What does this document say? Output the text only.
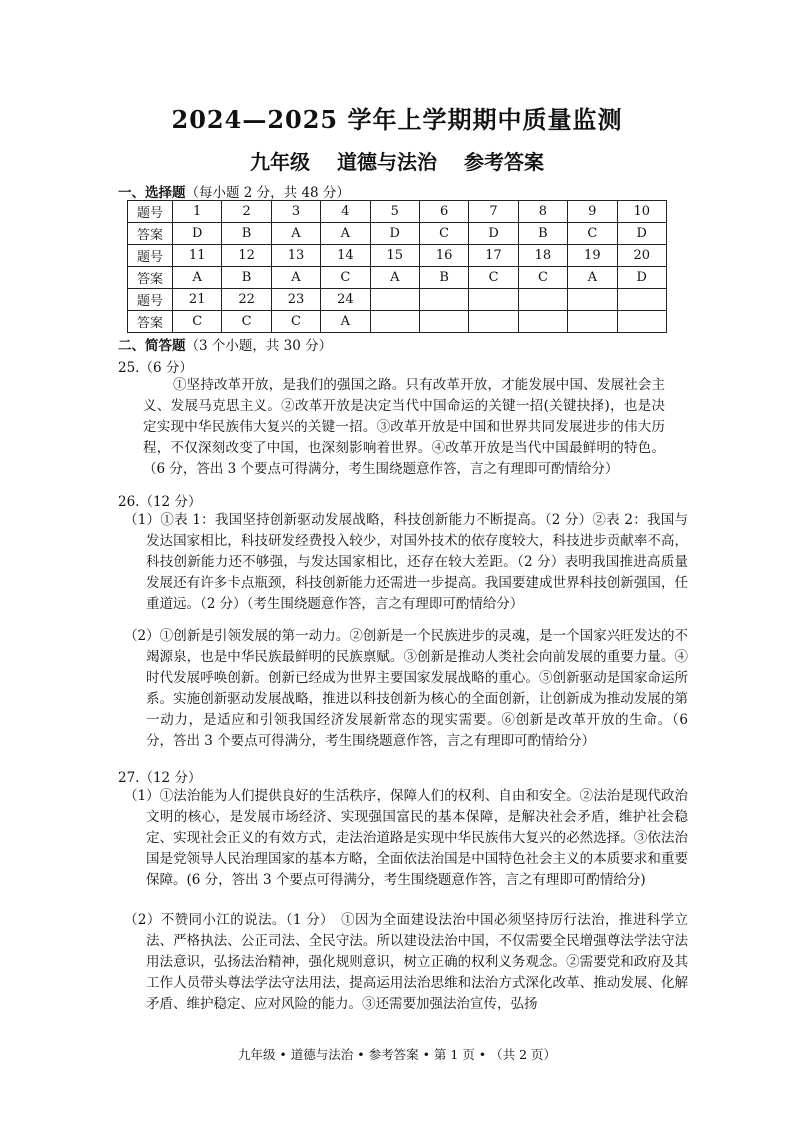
2024—2025 学年上学期期中质量监测
九年级 道德与法治 参考答案
一、选择题（每小题 2 分，共 48 分）
题号	1	2	3	4	5	6	7	8	9	10
答案	D	B	A	A	D	C	D	B	C	D
题号	11	12	13	14	15	16	17	18	19	20
答案	A	B	A	C	A	B	C	C	A	D
题号	21	22	23	24						
答案	C	C	C	A						
二、简答题（3 个小题，共 30 分）
25.（6 分）
①坚持改革开放，是我们的强国之路。只有改革开放，才能发展中国、发展社会主义、发展马克思主义。②改革开放是决定当代中国命运的关键一招(关键抉择)，也是决定实现中华民族伟大复兴的关键一招。③改革开放是中国和世界共同发展进步的伟大历程，不仅深刻改变了中国，也深刻影响着世界。④改革开放是当代中国最鲜明的特色。（6 分，答出 3 个要点可得满分，考生围绕题意作答，言之有理即可酌情给分）
26.（12 分）
（1）①表 1：我国坚持创新驱动发展战略，科技创新能力不断提高。（2 分）②表 2：我国与发达国家相比，科技研发经费投入较少，对国外技术的依存度较大，科技进步贡献率不高，科技创新能力还不够强，与发达国家相比，还存在较大差距。（2 分）表明我国推进高质量发展还有许多卡点瓶颈，科技创新能力还需进一步提高。我国要建成世界科技创新强国，任重道远。（2 分）（考生围绕题意作答，言之有理即可酌情给分）
（2）①创新是引领发展的第一动力。②创新是一个民族进步的灵魂，是一个国家兴旺发达的不竭源泉，也是中华民族最鲜明的民族禀赋。③创新是推动人类社会向前发展的重要力量。④时代发展呼唤创新。创新已经成为世界主要国家发展战略的重心。⑤创新驱动是国家命运所系。实施创新驱动发展战略，推进以科技创新为核心的全面创新，让创新成为推动发展的第一动力，是适应和引领我国经济发展新常态的现实需要。⑥创新是改革开放的生命。（6 分，答出 3 个要点可得满分，考生围绕题意作答，言之有理即可酌情给分）
27.（12 分）
（1）①法治能为人们提供良好的生活秩序，保障人们的权利、自由和安全。②法治是现代政治文明的核心，是发展市场经济、实现强国富民的基本保障，是解决社会矛盾，维护社会稳定、实现社会正义的有效方式，走法治道路是实现中华民族伟大复兴的必然选择。③依法治国是党领导人民治理国家的基本方略，全面依法治国是中国特色社会主义的本质要求和重要保障。(6 分，答出 3 个要点可得满分，考生围绕题意作答，言之有理即可酌情给分)
（2）不赞同小江的说法。（1 分）　①因为全面建设法治中国必须坚持厉行法治，推进科学立法、严格执法、公正司法、全民守法。所以建设法治中国，不仅需要全民增强尊法学法守法用法意识，弘扬法治精神，强化规则意识，树立正确的权利义务观念。②需要党和政府及其工作人员带头尊法学法守法用法，提高运用法治思维和法治方式深化改革、推动发展、化解矛盾、维护稳定、应对风险的能力。③还需要加强法治宣传，弘扬
九年级 • 道德与法治 • 参考答案 • 第 1 页 • （共 2 页）
